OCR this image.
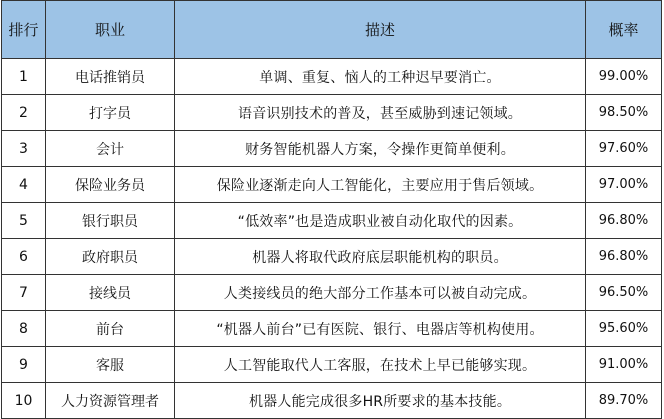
排行	职业	描述	概率
1	电话推销员	单调、重复、恼人的工种迟早要消亡。	99.00%
2	打字员	语音识别技术的普及，甚至威胁到速记领域。	98.50%
3	会计	财务智能机器人方案，令操作更简单便利。	97.60%
4	保险业务员	保险业逐渐走向人工智能化，主要应用于售后领域。	97.00%
5	银行职员	“低效率”也是造成职业被自动化取代的因素。	96.80%
6	政府职员	机器人将取代政府底层职能机构的职员。	96.80%
7	接线员	人类接线员的绝大部分工作基本可以被自动完成。	96.50%
8	前台	“机器人前台”已有医院、银行、电器店等机构使用。	95.60%
9	客服	人工智能取代人工客服，在技术上早已能够实现。	91.00%
10	人力资源管理者	机器人能完成很多HR所要求的基本技能。	89.70%
